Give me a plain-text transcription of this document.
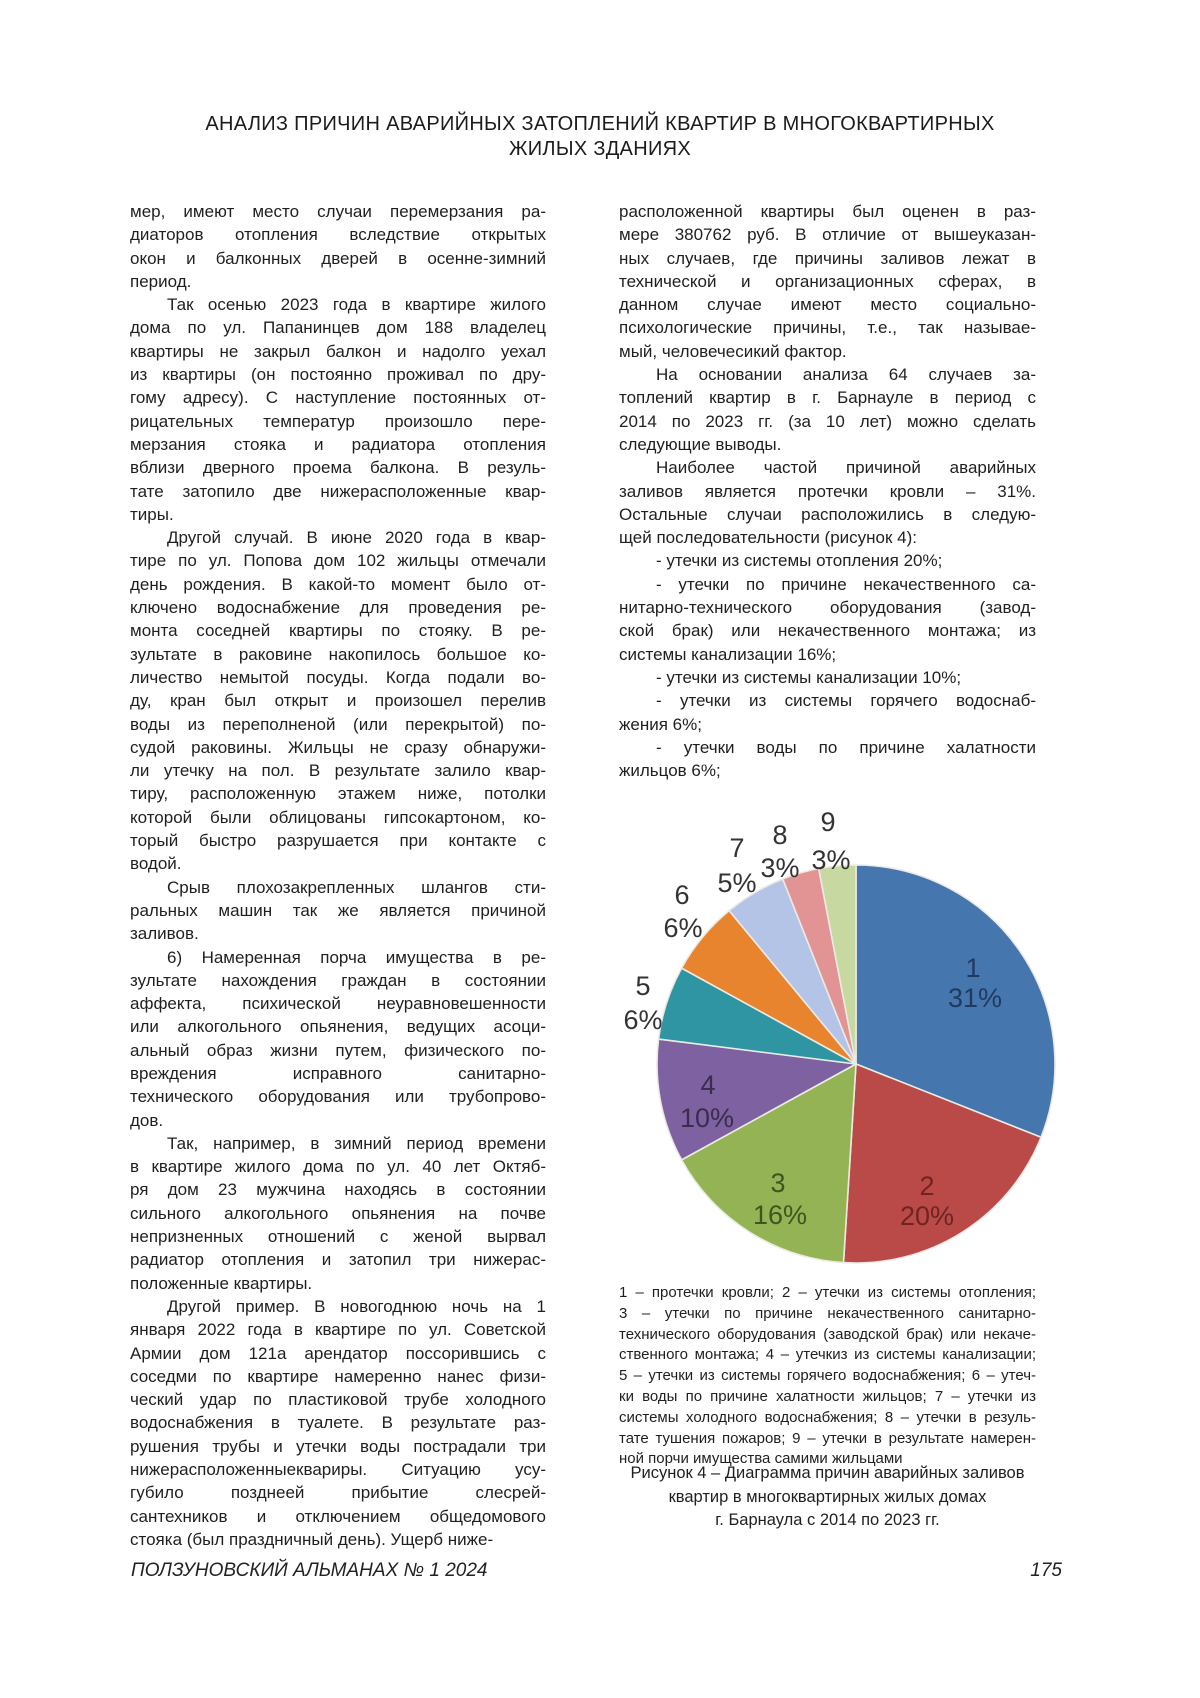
АНАЛИЗ ПРИЧИН АВАРИЙНЫХ ЗАТОПЛЕНИЙ КВАРТИР В МНОГОКВАРТИРНЫХ
ЖИЛЫХ ЗДАНИЯХ
мер, имеют место случаи перемерзания ра-
диаторов отопления вследствие открытых
окон и балконных дверей в осенне-зимний
период.
Так осенью 2023 года в квартире жилого
дома по ул. Папанинцев дом 188 владелец
квартиры не закрыл балкон и надолго уехал
из квартиры (он постоянно проживал по дру-
гому адресу). С наступление постоянных от-
рицательных температур произошло пере-
мерзания стояка и радиатора отопления
вблизи дверного проема балкона. В резуль-
тате затопило две нижерасположенные квар-
тиры.
Другой случай. В июне 2020 года в квар-
тире по ул. Попова дом 102 жильцы отмечали
день рождения. В какой-то момент было от-
ключено водоснабжение для проведения ре-
монта соседней квартиры по стояку. В ре-
зультате в раковине накопилось большое ко-
личество немытой посуды. Когда подали во-
ду, кран был открыт и произошел перелив
воды из переполненой (или перекрытой) по-
судой раковины. Жильцы не сразу обнаружи-
ли утечку на пол. В результате залило квар-
тиру, расположенную этажем ниже, потолки
которой были облицованы гипсокартоном, ко-
торый быстро разрушается при контакте с
водой.
Срыв плохозакрепленных шлангов сти-
ральных машин так же является причиной
заливов.
6) Намеренная порча имущества в ре-
зультате нахождения граждан в состоянии
аффекта, психической неуравновешенности
или алкогольного опьянения, ведущих асоци-
альный образ жизни путем, физического по-
вреждения исправного санитарно-
технического оборудования или трубопрово-
дов.
Так, например, в зимний период времени
в квартире жилого дома по ул. 40 лет Октяб-
ря дом 23 мужчина находясь в состоянии
сильного алкогольного опьянения на почве
непризненных отношений с женой вырвал
радиатор отопления и затопил три нижерас-
положенные квартиры.
Другой пример. В новогоднюю ночь на 1
января 2022 года в квартире по ул. Советской
Армии дом 121а арендатор поссорившись с
соседми по квартире намеренно нанес физи-
ческий удар по пластиковой трубе холодного
водоснабжения в туалете. В результате раз-
рушения трубы и утечки воды пострадали три
нижерасположенныеквариры. Ситуацию усу-
губило позднеей прибытие слесрей-
сантехников и отключением общедомового
стояка (был праздничный день). Ущерб ниже-
расположенной квартиры был оценен в раз-
мере 380762 руб. В отличие от вышеуказан-
ных случаев, где причины заливов лежат в
технической и организационных сферах, в
данном случае имеют место социально-
психологические причины, т.е., так называе-
мый, человечесикий фактор.
На основании анализа 64 случаев за-
топлений квартир в г. Барнауле в период с
2014 по 2023 гг. (за 10 лет) можно сделать
следующие выводы.
Наиболее частой причиной аварийных
заливов является протечки кровли – 31%.
Остальные случаи расположились в следую-
щей последовательности (рисунок 4):
- утечки из системы отопления 20%;
- утечки по причине некачественного са-
нитарно-технического оборудования (завод-
ской брак) или некачественного монтажа; из
системы канализации 16%;
- утечки из системы канализации 10%;
- утечки из системы горячего водоснаб-
жения 6%;
- утечки воды по причине халатности
жильцов 6%;
1
31%
2
20%
3
16%
4
10%
5
6%
6
6%
7
5%
8
3%
9
3%
1 – протечки кровли; 2 – утечки из системы отопления;
3 – утечки по причине некачественного санитарно-
технического оборудования (заводской брак) или некаче-
ственного монтажа; 4 – утечкиз из системы канализации;
5 – утечки из системы горячего водоснабжения; 6 – утеч-
ки воды по причине халатности жильцов; 7 – утечки из
системы холодного водоснабжения; 8 – утечки в резуль-
тате тушения пожаров; 9 – утечки в результате намерен-
ной порчи имущества самими жильцами
Рисунок 4 – Диаграмма причин аварийных заливов
квартир в многоквартирных жилых домах
г. Барнаула с 2014 по 2023 гг.
ПОЛЗУНОВСКИЙ АЛЬМАНАХ № 1 2024	175
